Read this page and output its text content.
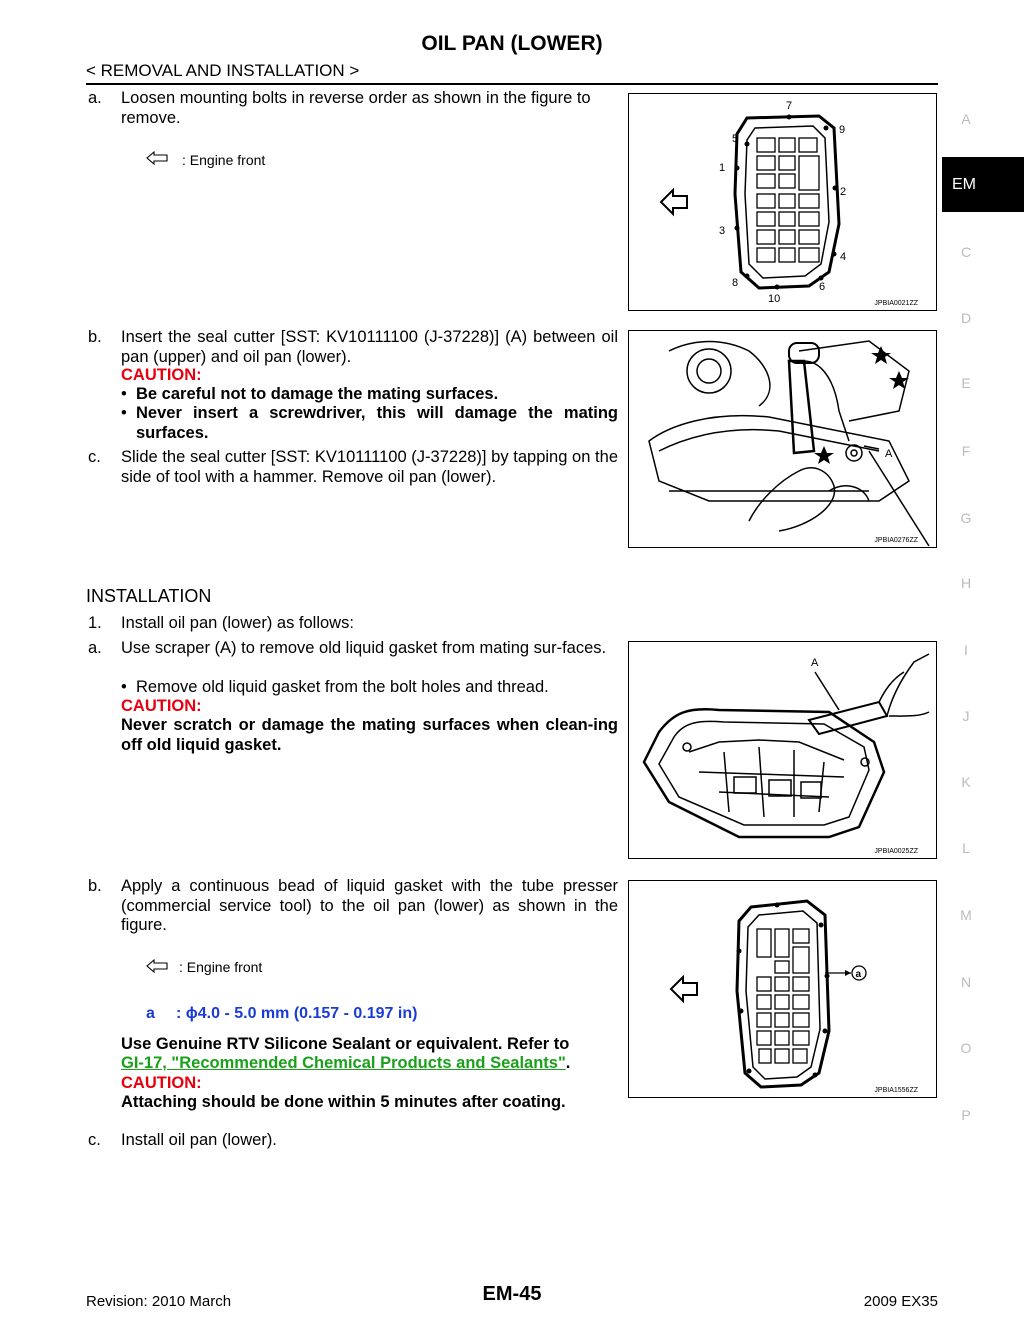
OIL PAN (LOWER)
< REMOVAL AND INSTALLATION >
a. Loosen mounting bolts in reverse order as shown in the figure to remove.
: Engine front
7
9
5
1
2
3
4
8	6
10	JPBIA0021ZZ
b. Insert the seal cutter [SST: KV10111100 (J-37228)] (A) between oil pan (upper) and oil pan (lower).
CAUTION:
• Be careful not to damage the mating surfaces.
• Never insert a screwdriver, this will damage the mating surfaces.
c. Slide the seal cutter [SST: KV10111100 (J-37228)] by tapping on the side of tool with a hammer. Remove oil pan (lower).
A
JPBIA0276ZZ
INSTALLATION
1. Install oil pan (lower) as follows:
a. Use scraper (A) to remove old liquid gasket from mating sur-faces.
• Remove old liquid gasket from the bolt holes and thread.
CAUTION:
Never scratch or damage the mating surfaces when clean-ing off old liquid gasket.
A
JPBIA0025ZZ
b. Apply a continuous bead of liquid gasket with the tube presser (commercial service tool) to the oil pan (lower) as shown in the figure.
: Engine front
a : ϕ4.0 - 5.0 mm (0.157 - 0.197 in)
Use Genuine RTV Silicone Sealant or equivalent. Refer to
GI-17, "Recommended Chemical Products and Sealants".
CAUTION:
Attaching should be done within 5 minutes after coating.
a
JPBIA1556ZZ
c. Install oil pan (lower).
A
EM
C
D
E
F
G
H
I
J
K
L
M
N
O
P
Revision: 2010 March	EM-45	2009 EX35
